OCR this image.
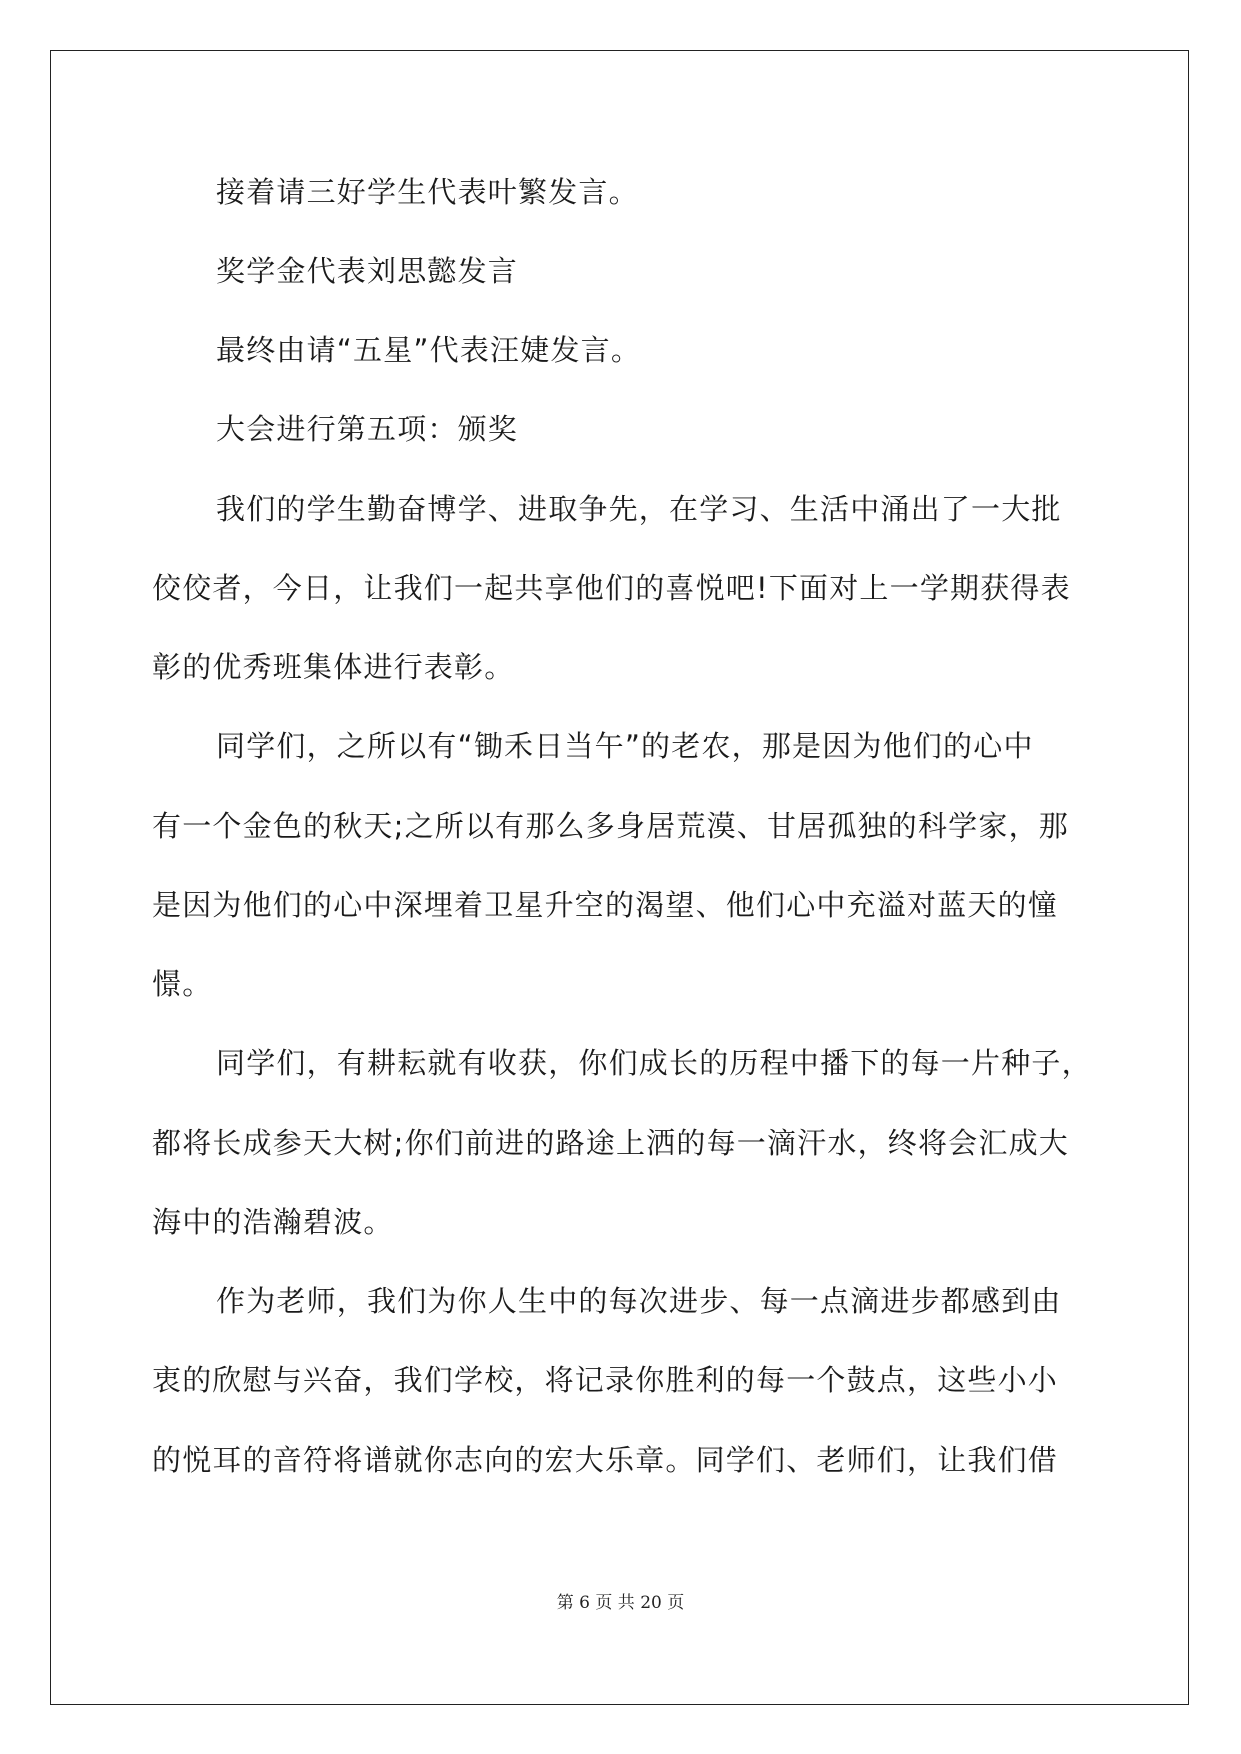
接着请三好学生代表叶繁发言。
奖学金代表刘思懿发言
最终由请“五星”代表汪婕发言。
大会进行第五项：颁奖
我们的学生勤奋博学、进取争先，在学习、生活中涌出了一大批
佼佼者，今日，让我们一起共享他们的喜悦吧!下面对上一学期获得表
彰的优秀班集体进行表彰。
同学们，之所以有“锄禾日当午”的老农，那是因为他们的心中
有一个金色的秋天;之所以有那么多身居荒漠、甘居孤独的科学家，那
是因为他们的心中深埋着卫星升空的渴望、他们心中充溢对蓝天的憧
憬。
同学们，有耕耘就有收获，你们成长的历程中播下的每一片种子，
都将长成参天大树;你们前进的路途上洒的每一滴汗水，终将会汇成大
海中的浩瀚碧波。
作为老师，我们为你人生中的每次进步、每一点滴进步都感到由
衷的欣慰与兴奋，我们学校，将记录你胜利的每一个鼓点，这些小小
的悦耳的音符将谱就你志向的宏大乐章。同学们、老师们，让我们借
第 6 页 共 20 页
